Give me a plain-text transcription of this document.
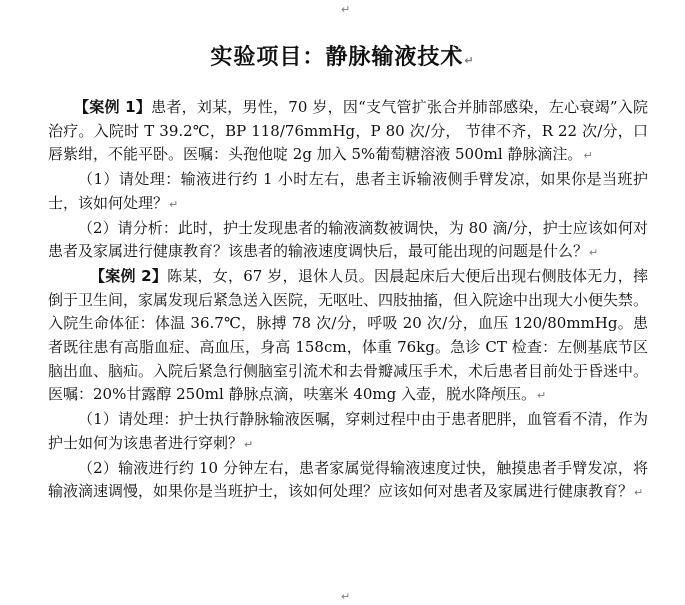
↵
实验项目：静脉输液技术↵

【案例 1】患者，刘某，男性，70 岁，因“支气管扩张合并肺部感染，左心衰竭”入院治疗。入院时 T 39.2℃，BP 118/76mmHg，P 80 次/分， 节律不齐，R 22 次/分，口唇紫绀，不能平卧。医嘱：头孢他啶 2g 加入 5%葡萄糖溶液 500ml 静脉滴注。↵

（1）请处理：输液进行约 1 小时左右，患者主诉输液侧手臂发凉，如果你是当班护士，该如何处理？↵

（2）请分析：此时，护士发现患者的输液滴数被调快，为 80 滴/分，护士应该如何对患者及家属进行健康教育？该患者的输液速度调快后，最可能出现的问题是什么？↵

【案例 2】陈某，女，67 岁，退休人员。因晨起床后大便后出现右侧肢体无力，摔倒于卫生间，家属发现后紧急送入医院，无呕吐、四肢抽搐，但入院途中出现大小便失禁。入院生命体征：体温 36.7℃，脉搏 78 次/分，呼吸 20 次/分，血压 120/80mmHg。患者既往患有高脂血症、高血压，身高 158cm，体重 76kg。急诊 CT 检查：左侧基底节区脑出血、脑疝。入院后紧急行侧脑室引流术和去骨瓣减压手术，术后患者目前处于昏迷中。医嘱：20%甘露醇 250ml 静脉点滴，呋塞米 40mg 入壶，脱水降颅压。↵

（1）请处理：护士执行静脉输液医嘱，穿刺过程中由于患者肥胖，血管看不清，作为护士如何为该患者进行穿刺？↵

（2）输液进行约 10 分钟左右，患者家属觉得输液速度过快，触摸患者手臂发凉，将输液滴速调慢，如果你是当班护士，该如何处理？应该如何对患者及家属进行健康教育？↵

↵
